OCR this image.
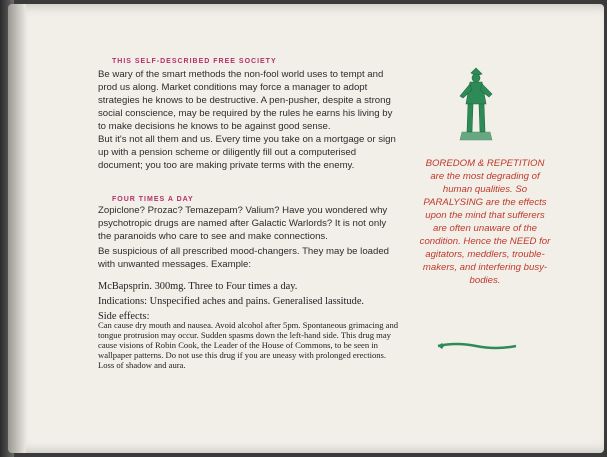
THIS SELF-DESCRIBED FREE SOCIETY
Be wary of the smart methods the non-fool world uses to tempt and prod us along. Market conditions may force a manager to adopt strategies he knows to be destructive. A pen-pusher, despite a strong social conscience, may be required by the rules he earns his living by to make decisions he knows to be against good sense.
But it's not all them and us. Every time you take on a mortgage or sign up with a pension scheme or diligently fill out a computerised document; you too are making private terms with the enemy.
FOUR TIMES A DAY
Zopiclone? Prozac? Temazepam? Valium? Have you wondered why psychotropic drugs are named after Galactic Warlords? It is not only the paranoids who care to see and make connections.
Be suspicious of all prescribed mood-changers. They may be loaded with unwanted messages. Example:
McBapsprin. 300mg. Three to Four times a day.
Indications: Unspecified aches and pains. Generalised lassitude.
Side effects:
Can cause dry mouth and nausea. Avoid alcohol after 5pm. Spontaneous grimacing and tongue protrusion may occur. Sudden spasms down the left-hand side. This drug may cause visions of Robin Cook, the Leader of the House of Commons, to be seen in wallpaper patterns. Do not use this drug if you are uneasy with prolonged erections. Loss of shadow and aura.
BOREDOM & REPETITION are the most degrading of human qualities. So PARALYSING are the effects upon the mind that sufferers are often unaware of the condition. Hence the NEED for agitators, meddlers, trouble-makers, and interfering busy-bodies.
